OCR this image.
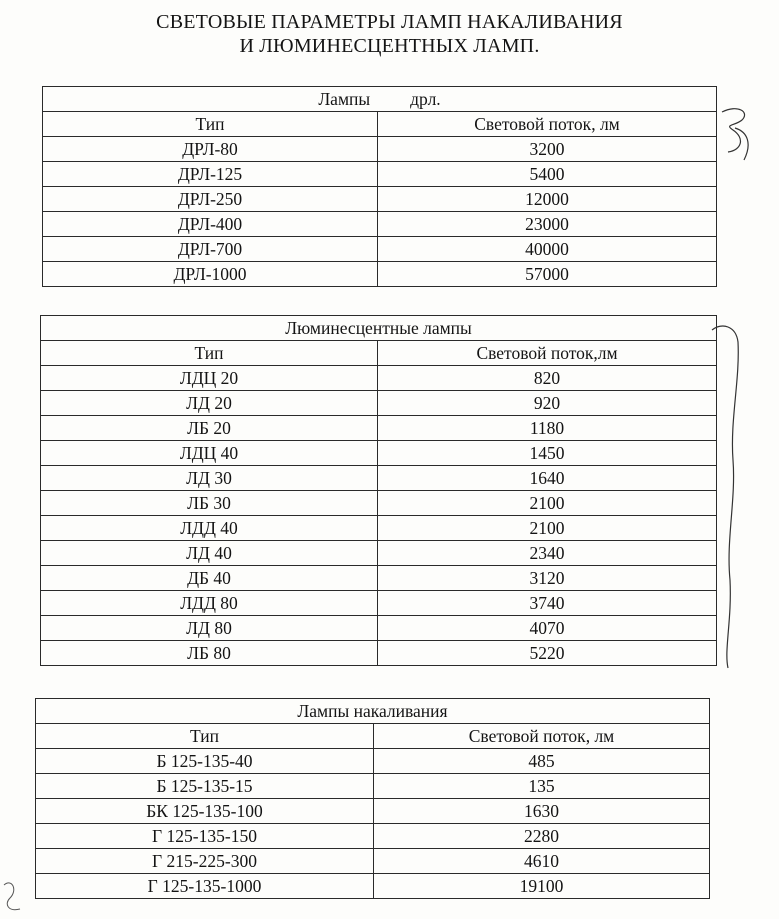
СВЕТОВЫЕ ПАРАМЕТРЫ ЛАМП НАКАЛИВАНИЯ
И ЛЮМИНЕСЦЕНТНЫХ ЛАМП.
Лампы дрл.	
Тип	Световой поток, лм
ДРЛ-80	3200
ДРЛ-125	5400
ДРЛ-250	12000
ДРЛ-400	23000
ДРЛ-700	40000
ДРЛ-1000	57000
Люминесцентные лампы	
Тип	Световой поток,лм
ЛДЦ 20	820
ЛД 20	920
ЛБ 20	1180
ЛДЦ 40	1450
ЛД 30	1640
ЛБ 30	2100
ЛДД 40	2100
ЛД 40	2340
ДБ 40	3120
ЛДД 80	3740
ЛД 80	4070
ЛБ 80	5220
Лампы накаливания	
Тип	Световой поток, лм
Б 125-135-40	485
Б 125-135-15	135
БК 125-135-100	1630
Г 125-135-150	2280
Г 215-225-300	4610
Г 125-135-1000	19100
